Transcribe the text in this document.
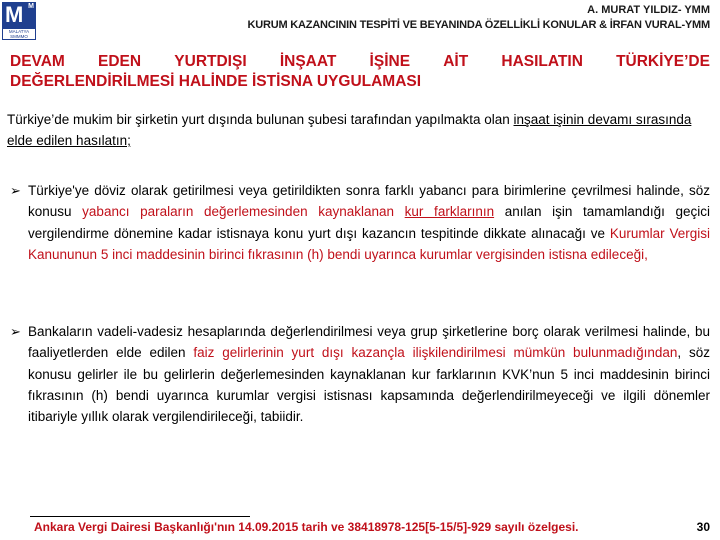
M M
MALATYA SMMMO
A. MURAT YILDIZ- YMM
KURUM KAZANCININ TESPİTİ VE BEYANINDA ÖZELLİKLİ KONULAR & İRFAN VURAL-YMM
DEVAM EDEN YURTDIŞI İNŞAAT İŞİNE AİT HASILATIN TÜRKİYE’DE
DEĞERLENDİRİLMESİ HALİNDE İSTİSNA UYGULAMASI
Türkiye’de mukim bir şirketin yurt dışında bulunan şubesi tarafından yapılmakta olan inşaat işinin devamı sırasında elde edilen hasılatın;
➢ Türkiye'ye döviz olarak getirilmesi veya getirildikten sonra farklı yabancı para birimlerine çevrilmesi halinde, söz konusu yabancı paraların değerlemesinden kaynaklanan kur farklarının anılan işin tamamlandığı geçici vergilendirme dönemine kadar istisnaya konu yurt dışı kazancın tespitinde dikkate alınacağı ve Kurumlar Vergisi Kanununun 5 inci maddesinin birinci fıkrasının (h) bendi uyarınca kurumlar vergisinden istisna edileceği,
➢ Bankaların vadeli-vadesiz hesaplarında değerlendirilmesi veya grup şirketlerine borç olarak verilmesi halinde, bu faaliyetlerden elde edilen faiz gelirlerinin yurt dışı kazançla ilişkilendirilmesi mümkün bulunmadığından, söz konusu gelirler ile bu gelirlerin değerlemesinden kaynaklanan kur farklarının KVK’nun 5 inci maddesinin birinci fıkrasının (h) bendi uyarınca kurumlar vergisi istisnası kapsamında değerlendirilmeyeceği ve ilgili dönemler itibariyle yıllık olarak vergilendirileceği, tabiidir.
Ankara Vergi Dairesi Başkanlığı'nın 14.09.2015 tarih ve 38418978-125[5-15/5]-929 sayılı özelgesi.	30
